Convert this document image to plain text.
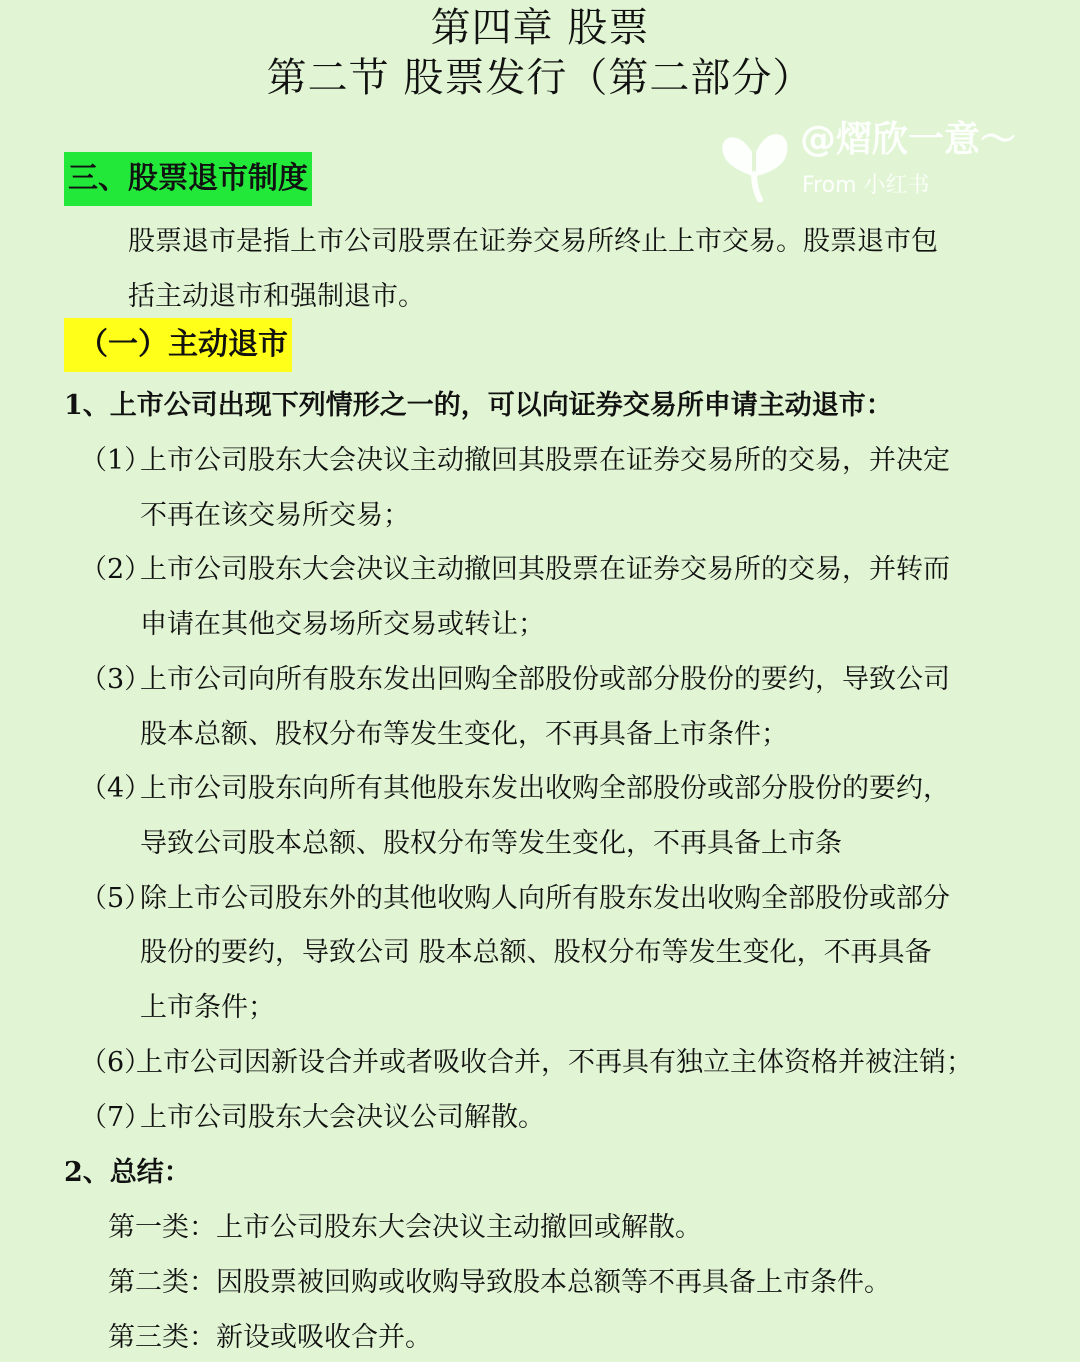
第四章 股票
第二节 股票发行（第二部分）
@熠欣一意～
From 小红书
三、股票退市制度
股票退市是指上市公司股票在证券交易所终止上市交易。股票退市包
括主动退市和强制退市。
（一）主动退市
1、上市公司出现下列情形之一的，可以向证券交易所申请主动退市：
（1）
上市公司股东大会决议主动撤回其股票在证券交易所的交易，并决定
不再在该交易所交易；
（2）
上市公司股东大会决议主动撤回其股票在证券交易所的交易，并转而
申请在其他交易场所交易或转让；
（3）
上市公司向所有股东发出回购全部股份或部分股份的要约，导致公司
股本总额、股权分布等发生变化，不再具备上市条件；
（4）
上市公司股东向所有其他股东发出收购全部股份或部分股份的要约，
导致公司股本总额、股权分布等发生变化，不再具备上市条
（5）
除上市公司股东外的其他收购人向所有股东发出收购全部股份或部分
股份的要约，导致公司 股本总额、股权分布等发生变化，不再具备
上市条件；
（6）
上市公司因新设合并或者吸收合并，不再具有独立主体资格并被注销；
（7）
上市公司股东大会决议公司解散。
2、总结：
第一类：上市公司股东大会决议主动撤回或解散。
第二类：因股票被回购或收购导致股本总额等不再具备上市条件。
第三类：新设或吸收合并。
